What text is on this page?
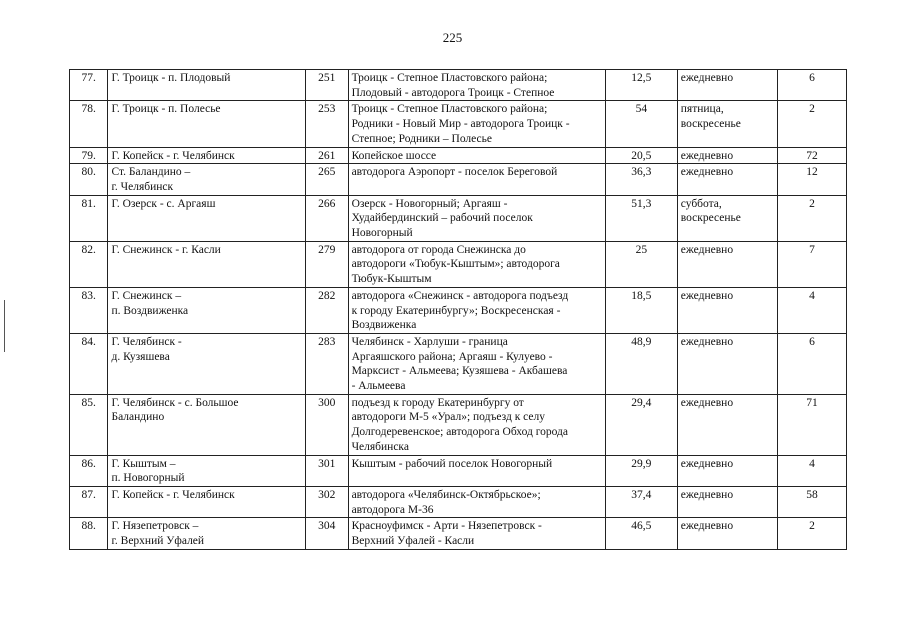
225
77.	Г. Троицк - п. Плодовый	251	Троицк - Степное Пластовского района;
Плодовый - автодорога Троицк - Степное	12,5	ежедневно	6
78.	Г. Троицк - п. Полесье	253	Троицк - Степное Пластовского района;
Родники - Новый Мир - автодорога Троицк -
Степное; Родники – Полесье	54	пятница,
воскресенье	2
79.	Г. Копейск - г. Челябинск	261	Копейское шоссе	20,5	ежедневно	72
80.	Ст. Баландино –
г. Челябинск	265	автодорога Аэропорт - поселок Береговой	36,3	ежедневно	12
81.	Г. Озерск - с. Аргаяш	266	Озерск - Новогорный; Аргаяш -
Худайбердинский – рабочий поселок
Новогорный	51,3	суббота,
воскресенье	2
82.	Г. Снежинск - г. Касли	279	автодорога от города Снежинска до
автодороги «Тюбук-Кыштым»; автодорога
Тюбук-Кыштым	25	ежедневно	7
83.	Г. Снежинск –
п. Воздвиженка	282	автодорога «Снежинск - автодорога подъезд
к городу Екатеринбургу»; Воскресенская -
Воздвиженка	18,5	ежедневно	4
84.	Г. Челябинск -
д. Кузяшева	283	Челябинск - Харлуши - граница
Аргаяшского района; Аргаяш - Кулуево -
Марксист - Альмеева; Кузяшева - Акбашева
- Альмеева	48,9	ежедневно	6
85.	Г. Челябинск - с. Большое
Баландино	300	подъезд к городу Екатеринбургу от
автодороги М-5 «Урал»; подъезд к селу
Долгодеревенское; автодорога Обход города
Челябинска	29,4	ежедневно	71
86.	Г. Кыштым –
п. Новогорный	301	Кыштым - рабочий поселок Новогорный	29,9	ежедневно	4
87.	Г. Копейск - г. Челябинск	302	автодорога «Челябинск-Октябрьское»;
автодорога М-36	37,4	ежедневно	58
88.	Г. Нязепетровск –
г. Верхний Уфалей	304	Красноуфимск - Арти - Нязепетровск -
Верхний Уфалей - Касли	46,5	ежедневно	2
